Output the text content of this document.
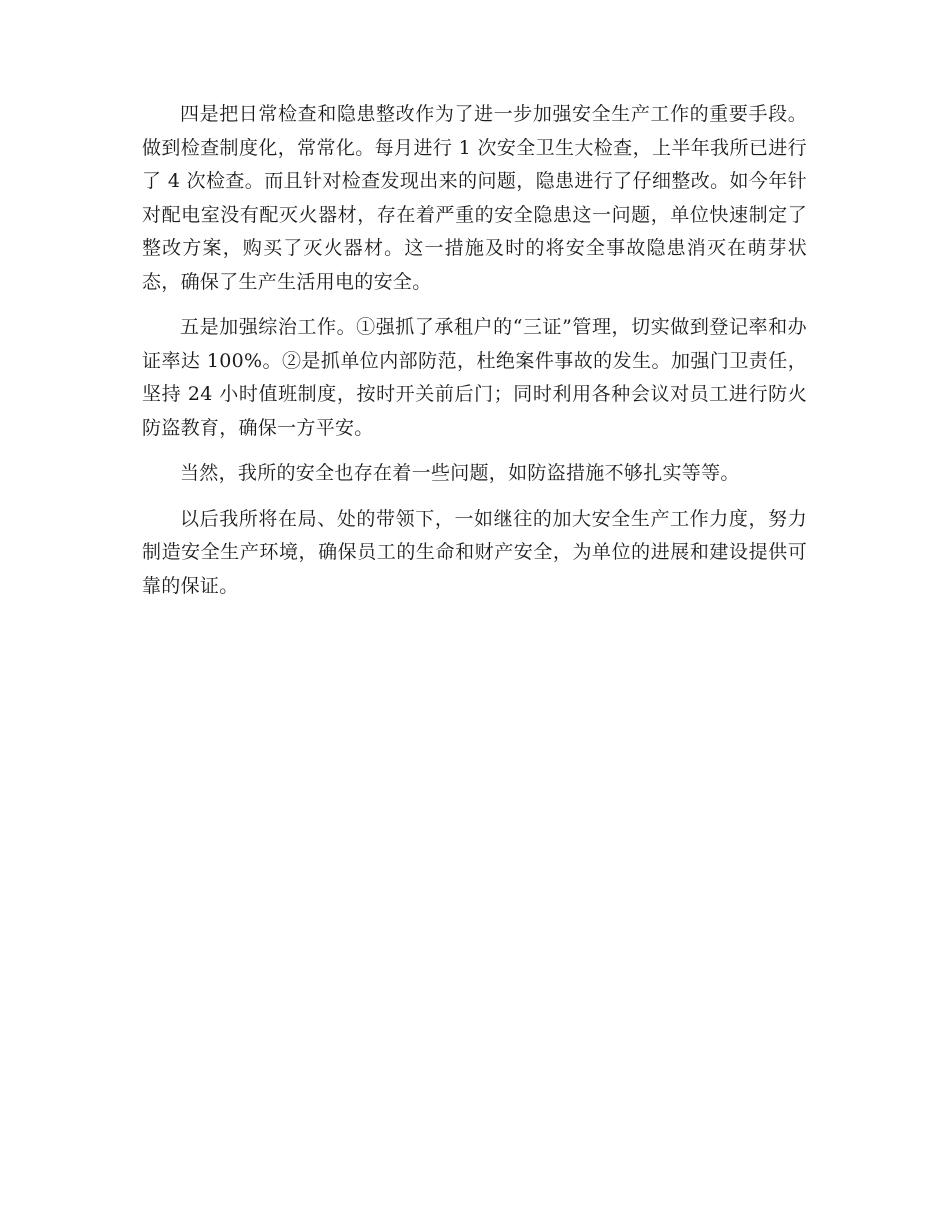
四是把日常检查和隐患整改作为了进一步加强安全生产工作的重要手段。做到检查制度化，常常化。每月进行 1 次安全卫生大检查，上半年我所已进行了 4 次检查。而且针对检查发现出来的问题，隐患进行了仔细整改。如今年针对配电室没有配灭火器材，存在着严重的安全隐患这一问题，单位快速制定了整改方案，购买了灭火器材。这一措施及时的将安全事故隐患消灭在萌芽状态，确保了生产生活用电的安全。

五是加强综治工作。①强抓了承租户的“三证”管理，切实做到登记率和办证率达 100%。②是抓单位内部防范，杜绝案件事故的发生。加强门卫责任，坚持 24 小时值班制度，按时开关前后门；同时利用各种会议对员工进行防火防盗教育，确保一方平安。

当然，我所的安全也存在着一些问题，如防盗措施不够扎实等等。

以后我所将在局、处的带领下，一如继往的加大安全生产工作力度，努力制造安全生产环境，确保员工的生命和财产安全，为单位的进展和建设提供可靠的保证。
